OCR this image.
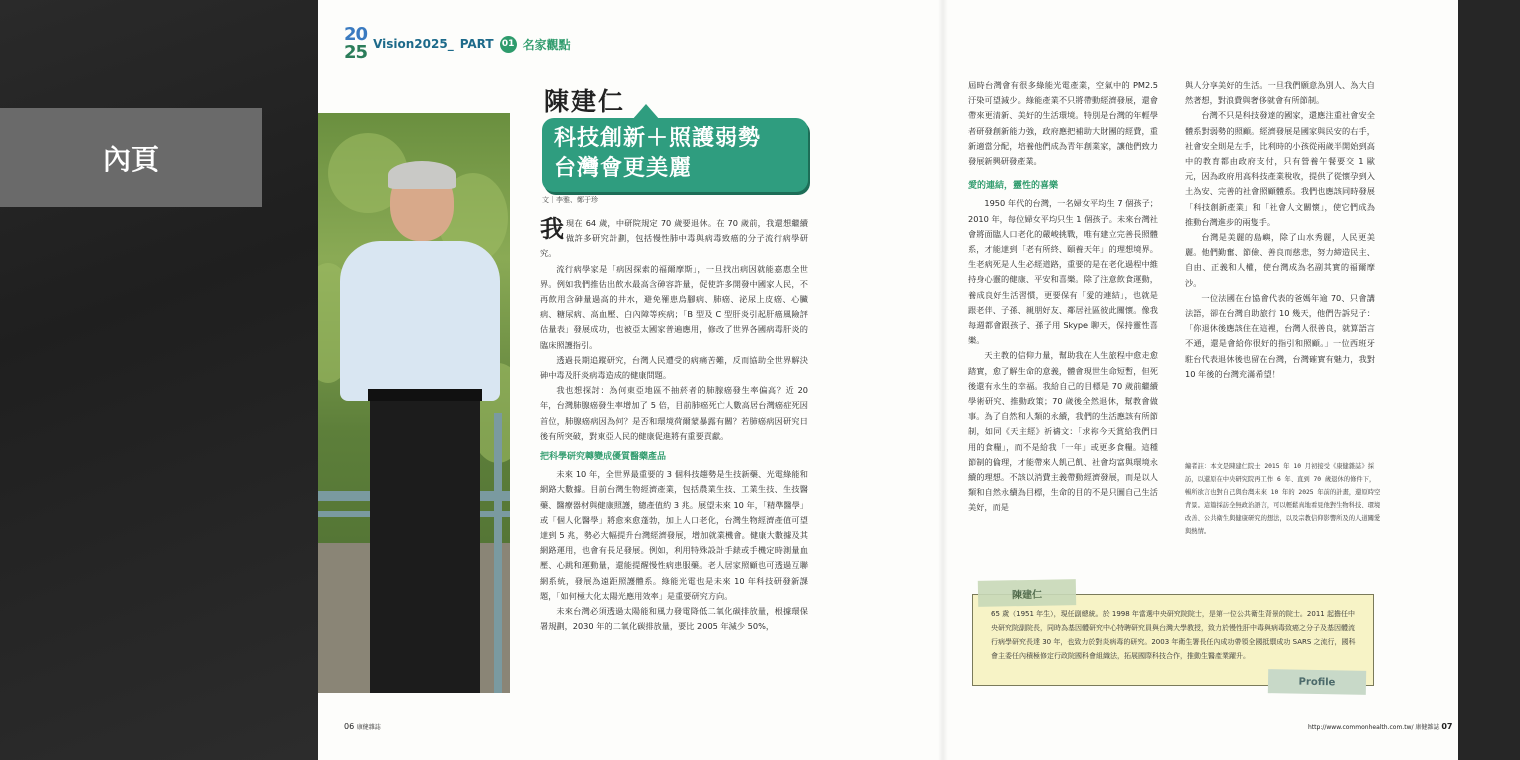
內頁
20
25 Vision2025_ PART 01 名家觀點
陳建仁
科技創新＋照護弱勢
台灣會更美麗
文｜李雅、鄭于珍

我現在 64 歲，中研院規定 70 歲要退休。在 70 歲前，我還想繼續做許多研究計劃，包括慢性肺中毒與病毒致癌的分子流行病學研究。

流行病學家是「病因探索的福爾摩斯」，一旦找出病因就能嘉惠全世界。例如我們推估出飲水最高含砷容許量，促使許多開發中國家人民，不再飲用含砷量過高的井水，避免罹患烏腳病、肺癌、泌尿上皮癌、心臟病、糖尿病、高血壓、白內障等疾病；「B 型及 C 型肝炎引起肝癌風險評估量表」發展成功，也被亞太國家普遍應用，修改了世界各國病毒肝炎的臨床照護指引。

透過長期追蹤研究，台灣人民遭受的病痛苦難，反而協助全世界解決砷中毒及肝炎病毒造成的健康問題。

我也想探討：為何東亞地區不抽菸者的肺腺癌發生率偏高？近 20 年，台灣肺腺癌發生率增加了 5 倍，目前肺癌死亡人數高居台灣癌症死因首位，肺腺癌病因為何？是否和環境荷爾蒙暴露有關？若肺癌病因研究日後有所突破，對東亞人民的健康促進將有重要貢獻。

把科學研究轉變成優質醫藥產品

未來 10 年，全世界最重要的 3 個科技趨勢是生技新藥、光電綠能和網路大數據。目前台灣生物經濟產業，包括農業生技、工業生技、生技醫藥、醫療器材與健康照護，總產值約 3 兆。展望未來 10 年，「精準醫學」或「個人化醫學」將愈來愈蓬勃，加上人口老化，台灣生物經濟產值可望達到 5 兆，勢必大幅提升台灣經濟發展，增加就業機會。健康大數據及其網路運用，也會有長足發展。例如，利用特殊設計手錶或手機定時測量血壓、心跳和運動量，還能提醒慢性病患服藥。老人居家照顧也可透過互聯網系統，發展為遠距照護體系。綠能光電也是未來 10 年科技研發新課題，「如何極大化太陽光應用效率」是重要研究方向。

未來台灣必須透過太陽能和風力發電降低二氧化碳排放量，根據環保署規劃，2030 年的二氧化碳排放量，要比 2005 年減少 50%，

屆時台灣會有很多綠能光電產業，空氣中的 PM2.5 汙染可望減少。綠能產業不只將帶動經濟發展，還會帶來更清新、美好的生活環境。特別是台灣的年輕學者研發創新能力強，政府應把補助大財團的經費，重新適當分配，培養他們成為青年創業家，讓他們致力發展新興研發產業。

愛的連結，靈性的喜樂

1950 年代的台灣，一名婦女平均生 7 個孩子；2010 年，每位婦女平均只生 1 個孩子。未來台灣社會將面臨人口老化的嚴峻挑戰，唯有建立完善長照體系，才能達到「老有所終、頤養天年」的理想境界。生老病死是人生必經道路，重要的是在老化過程中維持身心靈的健康、平安和喜樂。除了注意飲食運動，養成良好生活習慣，更要保有「愛的連結」，也就是跟老伴、子孫、親朋好友、鄰居社區彼此關懷。像我每週都會跟孩子、孫子用 Skype 聊天，保持靈性喜樂。

天主教的信仰力量，幫助我在人生旅程中愈走愈踏實，愈了解生命的意義，體會現世生命短暫，但死後還有永生的幸福。我給自己的目標是 70 歲前繼續學術研究、推動政策；70 歲後全然退休，幫教會做事。為了自然和人類的永續，我們的生活應該有所節制，如同《天主經》祈禱文：「求祢今天賞給我們日用的食糧」，而不是給我「一年」或更多食糧。這種節制的倫理，才能帶來人飢己飢、社會均富與環境永續的理想。不該以消費主義帶動經濟發展，而是以人類和自然永續為目標，生命的目的不是只圖自己生活美好，而是

與人分享美好的生活。一旦我們願意為別人、為大自然著想，對浪費與奢侈就會有所節制。

台灣不只是科技發達的國家，還應注重社會安全體系對弱勢的照顧。經濟發展是國家與民安的右手，社會安全則是左手，比利時的小孩從兩歲半開始到高中的教育都由政府支付，只有營養午餐要交 1 歐元，因為政府用高科技產業稅收，提供了從懷孕到入土為安、完善的社會照顧體系。我們也應該同時發展「科技創新產業」和「社會人文關懷」，使它們成為推動台灣進步的兩隻手。

台灣是美麗的島嶼，除了山水秀麗，人民更美麗。他們勤奮、節儉、善良而慈悲，努力締造民主、自由、正義和人權，使台灣成為名副其實的福爾摩沙。

一位法國在台協會代表的爸媽年逾 70、只會講法語，卻在台灣自助旅行 10 幾天，他們告訴兒子：「你退休後應該住在這裡，台灣人很善良，就算語言不通，還是會給你很好的指引和照顧。」一位西班牙駐台代表退休後也留在台灣，台灣確實有魅力，我對 10 年後的台灣充滿希望！

編者註：本文是陳建仁院士 2015 年 10 月初接受《康健雜誌》採訪，以還原在中央研究院再工作 6 年、直到 70 歲退休的條件下，暢所欲言也對自己與台灣未來 10 年的 2025 年前的計畫，還原時空背景。這篇採訪全無政治語言，可以輕鬆真地看見他對生物科技、環境改善、公共衛生與健康研究的想法，以及宗教信仰影響所及的人道關愛與熱情。
65 歲（1951 年生），現任副總統。於 1998 年當選中央研究院院士，是第一位公共衛生背景的院士。2011 起擔任中央研究院副院長，同時為基因體研究中心特聘研究員與台灣大學教授，致力於慢性肝中毒與病毒致癌之分子及基因體流行病學研究長達 30 年，也致力於對炎病毒的研究。2003 年衛生署長任內成功帶領全國抵禦成功 SARS 之流行，國科會主委任內積極修定行政院國科會組織法，拓展國際科技合作，推動生醫產業躍升。
陳建仁
Profile
06 康健雜誌	http://www.commonhealth.com.tw/ 康健雜誌 07
